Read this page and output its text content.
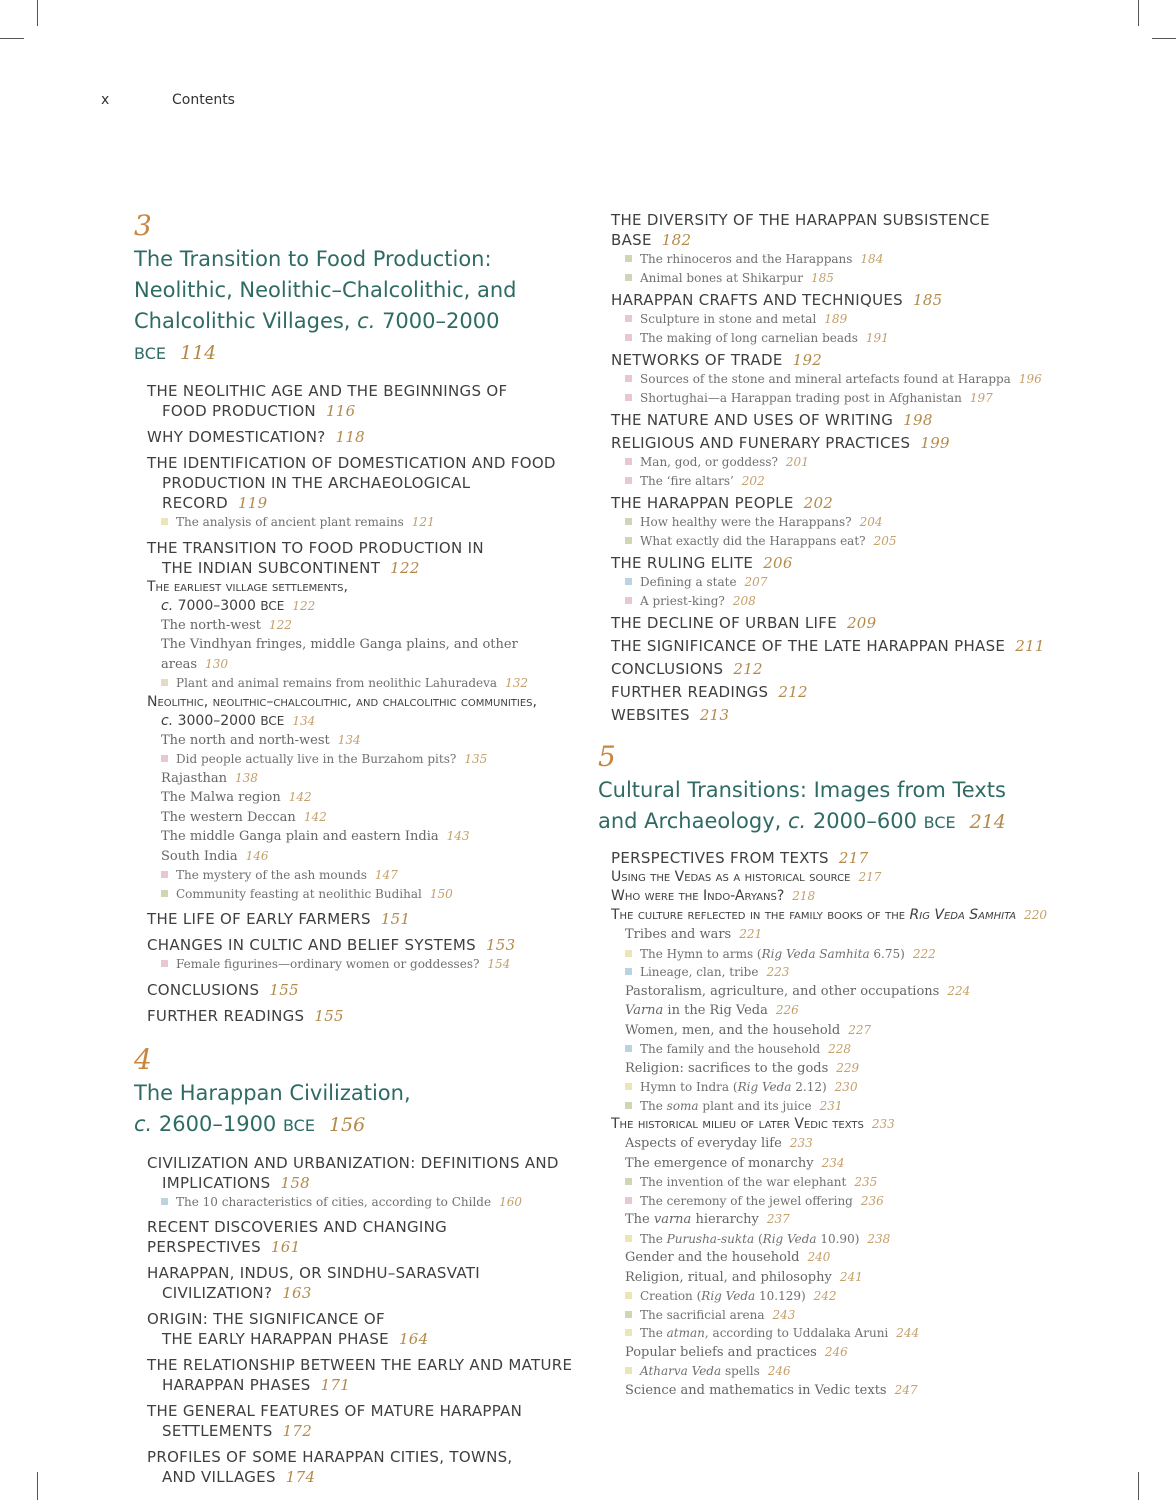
x	Contents
3
The Transition to Food Production:
Neolithic, Neolithic–Chalcolithic, and
Chalcolithic Villages, c. 7000–2000 BCE 114
THE NEOLITHIC AGE AND THE BEGINNINGS OF
FOOD PRODUCTION 116
WHY DOMESTICATION? 118
THE IDENTIFICATION OF DOMESTICATION AND FOOD
PRODUCTION IN THE ARCHAEOLOGICAL RECORD 119
The analysis of ancient plant remains 121
THE TRANSITION TO FOOD PRODUCTION IN
THE INDIAN SUBCONTINENT 122
The earliest village settlements,
c. 7000–3000 BCE 122
The north-west 122
The Vindhyan fringes, middle Ganga plains, and other areas 130
Plant and animal remains from neolithic Lahuradeva 132
Neolithic, neolithic–chalcolithic, and chalcolithic communities,
c. 3000–2000 BCE 134
The north and north-west 134
Did people actually live in the Burzahom pits? 135
Rajasthan 138
The Malwa region 142
The western Deccan 142
The middle Ganga plain and eastern India 143
South India 146
The mystery of the ash mounds 147
Community feasting at neolithic Budihal 150
THE LIFE OF EARLY FARMERS 151
CHANGES IN CULTIC AND BELIEF SYSTEMS 153
Female figurines—ordinary women or goddesses? 154
CONCLUSIONS 155
FURTHER READINGS 155
4
The Harappan Civilization,
c. 2600–1900 BCE 156
CIVILIZATION AND URBANIZATION: DEFINITIONS AND
IMPLICATIONS 158
The 10 characteristics of cities, according to Childe 160
RECENT DISCOVERIES AND CHANGING PERSPECTIVES 161
HARAPPAN, INDUS, OR SINDHU–SARASVATI
CIVILIZATION? 163
ORIGIN: THE SIGNIFICANCE OF
THE EARLY HARAPPAN PHASE 164
THE RELATIONSHIP BETWEEN THE EARLY AND MATURE
HARAPPAN PHASES 171
THE GENERAL FEATURES OF MATURE HARAPPAN
SETTLEMENTS 172
PROFILES OF SOME HARAPPAN CITIES, TOWNS,
AND VILLAGES 174
THE DIVERSITY OF THE HARAPPAN SUBSISTENCE BASE 182
The rhinoceros and the Harappans 184
Animal bones at Shikarpur 185
HARAPPAN CRAFTS AND TECHNIQUES 185
Sculpture in stone and metal 189
The making of long carnelian beads 191
NETWORKS OF TRADE 192
Sources of the stone and mineral artefacts found at Harappa 196
Shortughai—a Harappan trading post in Afghanistan 197
THE NATURE AND USES OF WRITING 198
RELIGIOUS AND FUNERARY PRACTICES 199
Man, god, or goddess? 201
The ‘fire altars’ 202
THE HARAPPAN PEOPLE 202
How healthy were the Harappans? 204
What exactly did the Harappans eat? 205
THE RULING ELITE 206
Defining a state 207
A priest-king? 208
THE DECLINE OF URBAN LIFE 209
THE SIGNIFICANCE OF THE LATE HARAPPAN PHASE 211
CONCLUSIONS 212
FURTHER READINGS 212
WEBSITES 213
5
Cultural Transitions: Images from Texts
and Archaeology, c. 2000–600 BCE 214
PERSPECTIVES FROM TEXTS 217
Using the Vedas as a historical source 217
Who were the Indo-Aryans? 218
The culture reflected in the family books of the Rig Veda Samhita 220
Tribes and wars 221
The Hymn to arms (Rig Veda Samhita 6.75) 222
Lineage, clan, tribe 223
Pastoralism, agriculture, and other occupations 224
Varna in the Rig Veda 226
Women, men, and the household 227
The family and the household 228
Religion: sacrifices to the gods 229
Hymn to Indra (Rig Veda 2.12) 230
The soma plant and its juice 231
The historical milieu of later Vedic texts 233
Aspects of everyday life 233
The emergence of monarchy 234
The invention of the war elephant 235
The ceremony of the jewel offering 236
The varna hierarchy 237
The Purusha-sukta (Rig Veda 10.90) 238
Gender and the household 240
Religion, ritual, and philosophy 241
Creation (Rig Veda 10.129) 242
The sacrificial arena 243
The atman, according to Uddalaka Aruni 244
Popular beliefs and practices 246
Atharva Veda spells 246
Science and mathematics in Vedic texts 247
